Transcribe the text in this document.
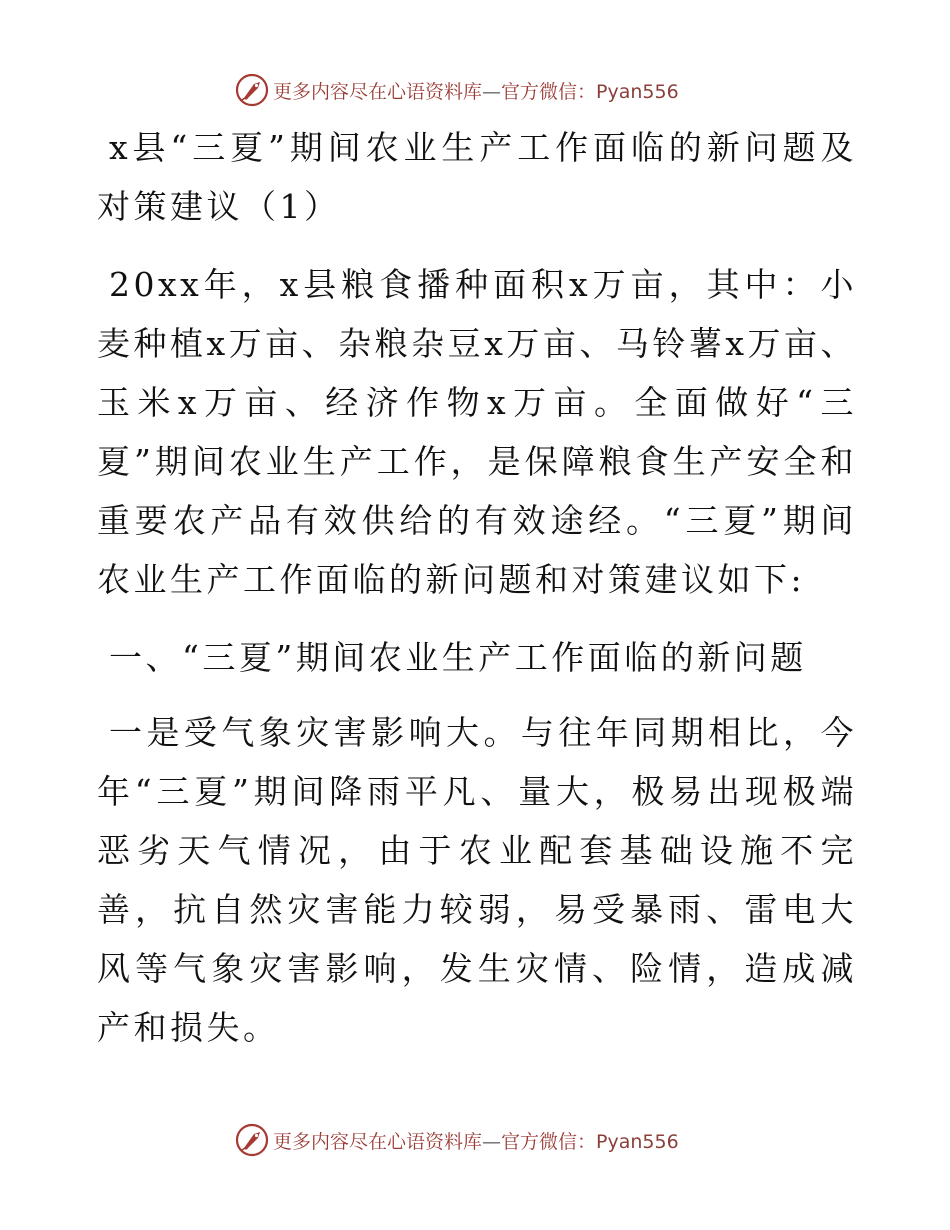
更多内容尽在心语资料库—官方微信：Pyan556

x县“三夏”期间农业生产工作面临的新问题及对策建议（1）

20xx年，x县粮食播种面积x万亩，其中：小麦种植x万亩、杂粮杂豆x万亩、马铃薯x万亩、玉米x万亩、经济作物x万亩。全面做好“三夏”期间农业生产工作，是保障粮食生产安全和重要农产品有效供给的有效途经。“三夏”期间农业生产工作面临的新问题和对策建议如下:

一、“三夏”期间农业生产工作面临的新问题

一是受气象灾害影响大。与往年同期相比，今年“三夏”期间降雨平凡、量大，极易出现极端恶劣天气情况，由于农业配套基础设施不完善，抗自然灾害能力较弱，易受暴雨、雷电大风等气象灾害影响，发生灾情、险情，造成减产和损失。

更多内容尽在心语资料库—官方微信：Pyan556
